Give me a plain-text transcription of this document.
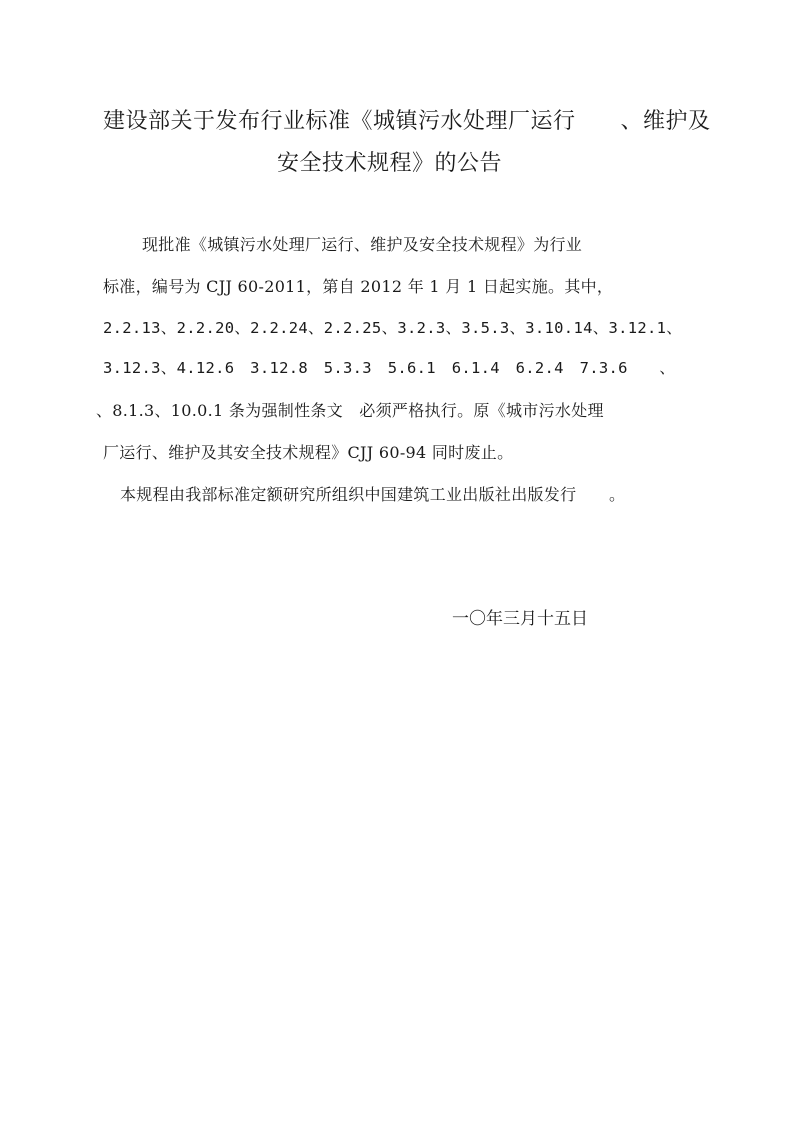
建设部关于发布行业标准《城镇污水处理厂运行　　、维护及
安全技术规程》的公告
现批准《城镇污水处理厂运行、维护及安全技术规程》为行业
标准，编号为 CJJ 60-2011，第自 2012 年 1 月 1 日起实施。其中，
2.2.13、2.2.20、2.2.24、2.2.25、3.2.3、3.5.3、3.10.14、3.12.1、
3.12.3、4.12.6　3.12.8　5.3.3　5.6.1　6.1.4　6.2.4　7.3.6　　、
、8.1.3、10.0.1 条为强制性条文　必须严格执行。原《城市污水处理
厂运行、维护及其安全技术规程》CJJ 60-94 同时废止。
本规程由我部标准定额研究所组织中国建筑工业出版社出版发行　　。
一〇年三月十五日
